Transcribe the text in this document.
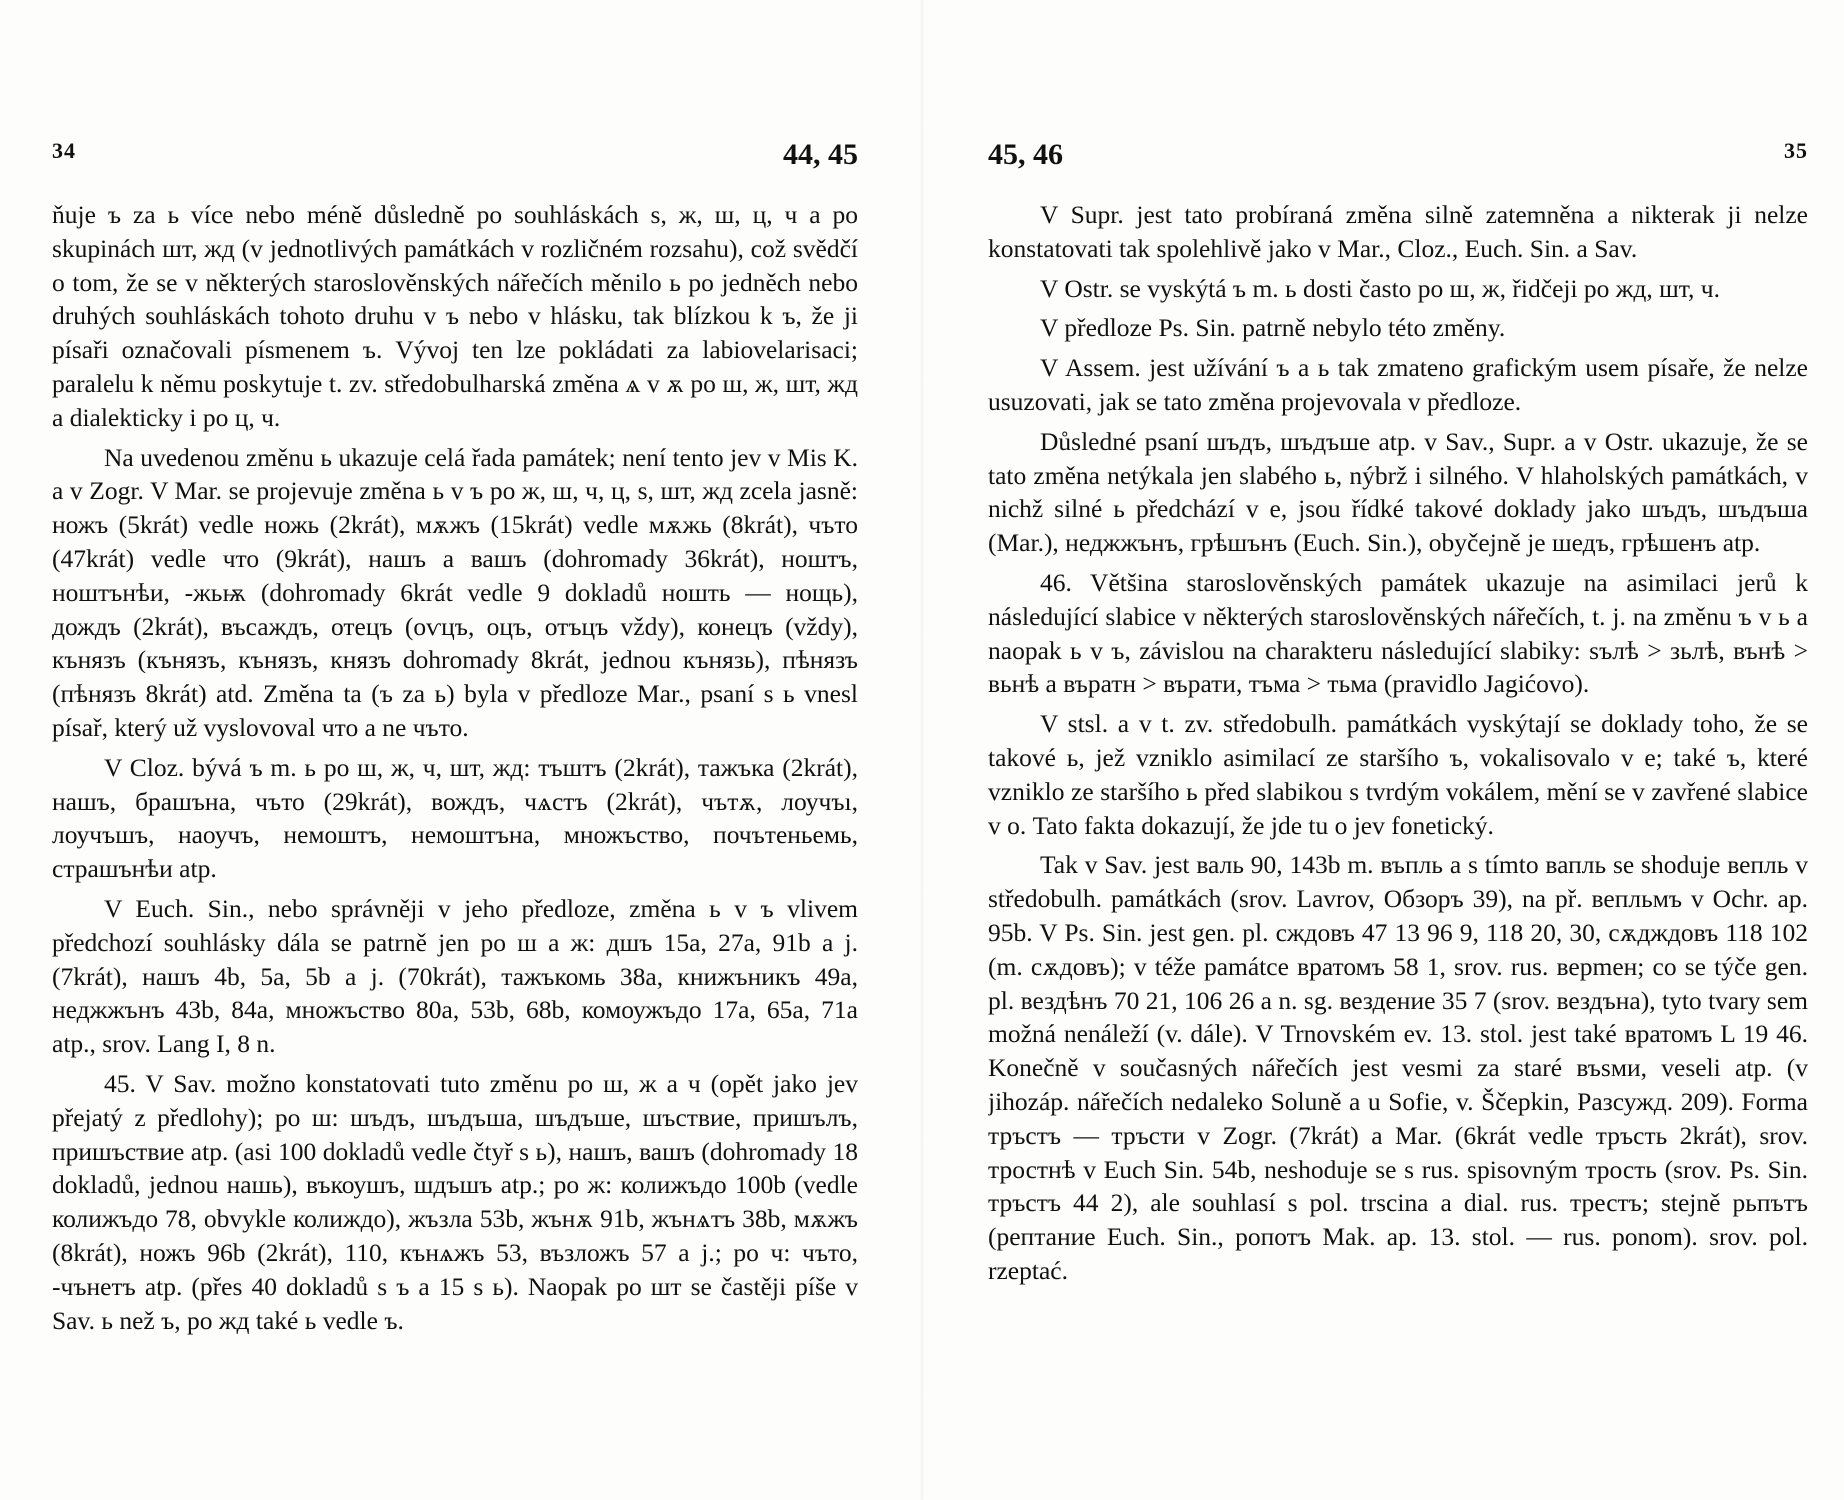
34	44, 45

ňuje ъ za ь více nebo méně důsledně po souhláskách ѕ, ж, ш, ц, ч a po skupinách шт, жд (v jednotlivých památkách v rozličném rozsahu), což svědčí o tom, že se v některých staroslověnských nářečích měnilo ь po jedněch nebo druhých souhláskách tohoto druhu v ъ nebo v hlásku, tak blízkou k ъ, že ji písaři označovali písmenem ъ. Vývoj ten lze pokládati za labiovelarisaci; paralelu k němu poskytuje t. zv. středobulharská změna ѧ v ѫ po ш, ж, шт, жд a dialekticky i po ц, ч.

Na uvedenou změnu ь ukazuje celá řada památek; není tento jev v Mis K. a v Zogr. V Mar. se projevuje změna ь v ъ po ж, ш, ч, ц, ѕ, шт, жд zcela jasně: ножъ (5krát) vedle ножь (2krát), мѫжъ (15krát) vedle мѫжь (8krát), чъто (47krát) vedle что (9krát), нашъ a вашъ (dohromady 36krát), ноштъ, ноштънѣи, -жьѭ (dohromady 6krát vedle 9 dokladů ношть — нощь), дождъ (2krát), въсаждъ, отецъ (оѵцъ, оцъ, отъцъ vždy), конецъ (vždy), кънязъ (кънязъ, кънязъ, князъ dohromady 8krát, jednou кънязь), пѣнязъ (пѣнязъ 8krát) atd. Změna ta (ъ za ь) byla v předloze Mar., psaní s ь vnesl písař, který už vyslovoval что a ne чъто.

V Cloz. bývá ъ m. ь po ш, ж, ч, шт, жд: тъштъ (2krát), тажъка (2krát), нашъ, брашъна, чъто (29krát), вождъ, чѧстъ (2krát), чътѫ, лоучъı, лоучъшъ, наоучъ, немоштъ, немоштъна, множъство, почътеньемь, страшънѣи atp.

V Euch. Sin., nebo správněji v jeho předloze, změna ь v ъ vlivem předchozí souhlásky dála se patrně jen po ш a ж: дшъ 15a, 27a, 91b a j. (7krát), нашъ 4b, 5a, 5b a j. (70krát), тажъкомь 38a, книжъникъ 49a, неджжънъ 43b, 84a, множъство 80a, 53b, 68b, комоужъдо 17a, 65a, 71a atp., srov. Lang I, 8 n.

45. V Sav. možno konstatovati tuto změnu po ш, ж a ч (opět jako jev přejatý z předlohy); po ш: шъдъ, шъдъша, шъдъше, шъствие, пришълъ, пришъствие atp. (asi 100 dokladů vedle čtyř s ь), нашъ, вашъ (dohromady 18 dokladů, jednou нашь), въкоушъ, шдъшъ atp.; po ж: колижъдо 100b (vedle колижъдо 78, obvykle колиждо), жъзла 53b, жънѫ 91b, жънѧтъ 38b, мѫжъ (8krát), ножъ 96b (2krát), 110, кънѧжъ 53, възложъ 57 a j.; po ч: чъто, -чънетъ atp. (přes 40 dokladů s ъ a 15 s ь). Naopak po шт se častěji píše v Sav. ь než ъ, po жд také ь vedle ъ.

45, 46	35

V Supr. jest tato probíraná změna silně zatemněna a nikterak ji nelze konstatovati tak spolehlivě jako v Mar., Cloz., Euch. Sin. a Sav.

V Ostr. se vyskýtá ъ m. ь dosti často po ш, ж, řidčeji po жд, шт, ч.

V předloze Ps. Sin. patrně nebylo této změny.

V Assem. jest užívání ъ a ь tak zmateno grafickým usem písaře, že nelze usuzovati, jak se tato změna projevovala v předloze.

Důsledné psaní шъдъ, шъдъше atp. v Sav., Supr. a v Ostr. ukazuje, že se tato změna netýkala jen slabého ь, nýbrž i silného. V hlaholských památkách, v nichž silné ь předchází v е, jsou řídké takové doklady jako шъдъ, шъдъша (Mar.), неджжънъ, грѣшънъ (Euch. Sin.), obyčejně je шедъ, грѣшенъ atp.

46. Většina staroslověnských památek ukazuje na asimilaci jerů k následující slabice v některých staroslověnských nářečích, t. j. na změnu ъ v ь a naopak ь v ъ, závislou na charakteru následující slabiky: ѕълѣ > зьлѣ, вънѣ > вьнѣ a въратн > върати, тъма > тьма (pravidlo Jagićovo).

V stsl. a v t. zv. středobulh. památkách vyskýtají se doklady toho, že se takové ь, jež vzniklo asimilací ze staršího ъ, vokalisovalo v е; také ъ, které vzniklo ze staršího ь před slabikou s tvrdým vokálem, mění se v zavřené slabice v о. Tato fakta dokazují, že jde tu o jev fonetický.

Tak v Sav. jest валь 90, 143b m. въпль a s tímto вапль se shoduje вепль v středobulh. památkách (srov. Lavrov, Обзоръ 39), na př. вепльмъ v Ochr. ap. 95b. V Ps. Sin. jest gen. pl. сждовъ 47 13 96 9, 118 20, 30, сѫдждовъ 118 102 (m. сѫдовъ); v téže památce вратомъ 58 1, srov. rus. верmен; co se týče gen. pl. вездѣнъ 70 21, 106 26 a n. sg. вездение 35 7 (srov. вездъна), tyto tvary sem možná nenáleží (v. dále). V Trnovském ev. 13. stol. jest také вратомъ L 19 46. Konečně v současných nářečích jest vesmi za staré въѕми, veseli atp. (v jihozáp. nářečích nedaleko Soluně a u Sofie, v. Ščepkin, Разсужд. 209). Forma тръстъ — тръсти v Zogr. (7krát) a Mar. (6krát vedle тръсть 2krát), srov. тростнѣ v Euch Sin. 54b, neshoduje se s rus. spisovným трость (srov. Ps. Sin. тръстъ 44 2), ale souhlasí s pol. trscina a dial. rus. трестъ; stejně рьпътъ (рептание Euch. Sin., ропотъ Mak. ap. 13. stol. — rus. ponom). srov. pol. rzeptać.
